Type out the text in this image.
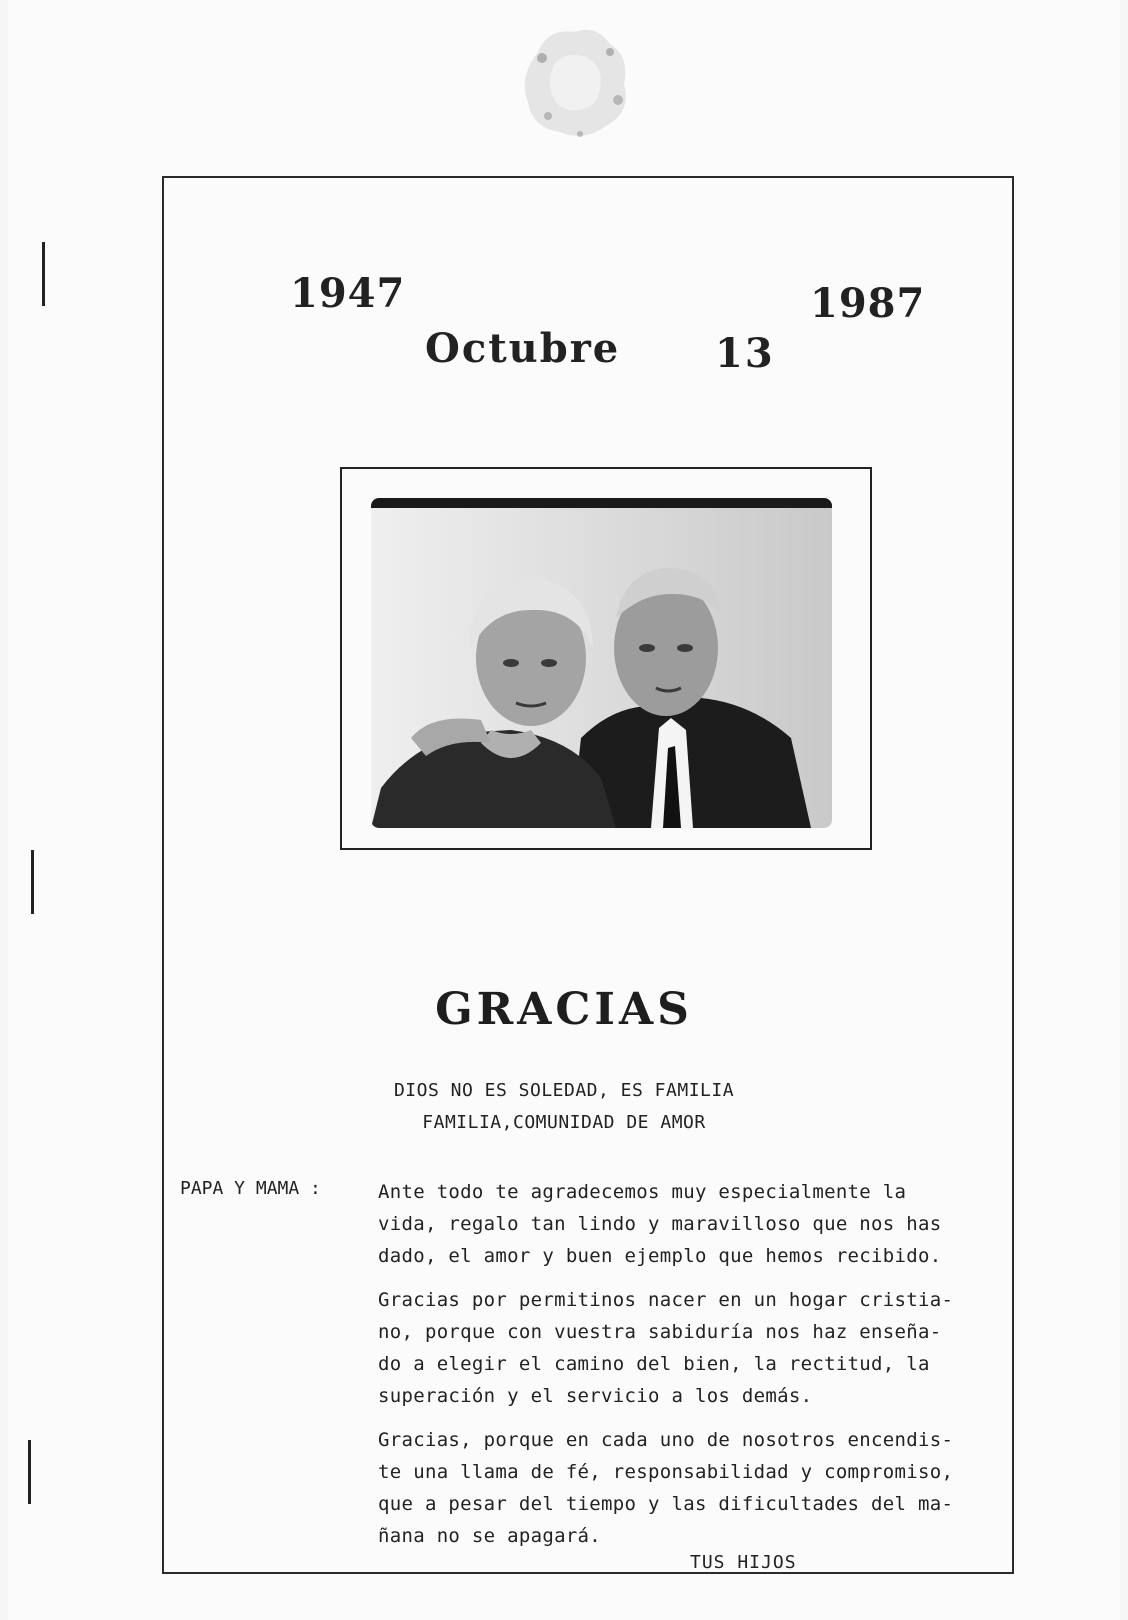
1947	1987
Octubre 13
GRACIAS
DIOS NO ES SOLEDAD, ES FAMILIA
FAMILIA,COMUNIDAD DE AMOR
PAPA Y MAMA :	Ante todo te agradecemos muy especialmente la
vida, regalo tan lindo y maravilloso que nos has
dado, el amor y buen ejemplo que hemos recibido.
Gracias por permitinos nacer en un hogar cristia-
no, porque con vuestra sabiduría nos haz enseña-
do a elegir el camino del bien, la rectitud, la
superación y el servicio a los demás.
Gracias, porque en cada uno de nosotros encendis-
te una llama de fé, responsabilidad y compromiso,
que a pesar del tiempo y las dificultades del ma-
ñana no se apagará.
TUS HIJOS
